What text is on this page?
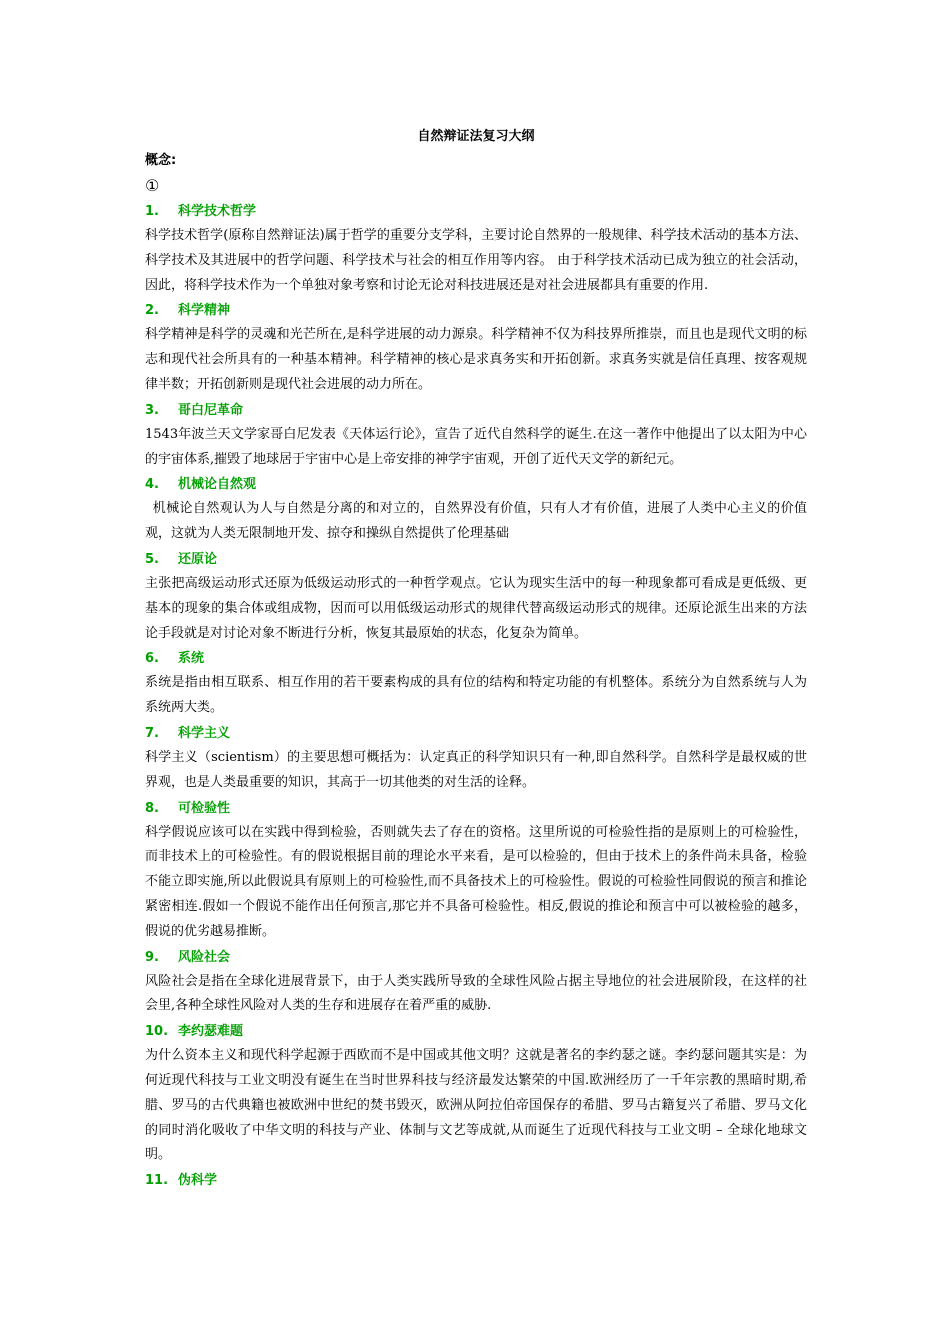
自然辩证法复习大纲
概念:
①
1. 科学技术哲学
科学技术哲学(原称自然辩证法)属于哲学的重要分支学科，主要讨论自然界的一般规律、科学技术活动的基本方法、科学技术及其进展中的哲学问题、科学技术与社会的相互作用等内容。 由于科学技术活动已成为独立的社会活动，因此，将科学技术作为一个单独对象考察和讨论无论对科技进展还是对社会进展都具有重要的作用.
2. 科学精神
科学精神是科学的灵魂和光芒所在,是科学进展的动力源泉。科学精神不仅为科技界所推崇，而且也是现代文明的标志和现代社会所具有的一种基本精神。科学精神的核心是求真务实和开拓创新。求真务实就是信任真理、按客观规律半数；开拓创新则是现代社会进展的动力所在。
3. 哥白尼革命
1543年波兰天文学家哥白尼发表《天体运行论》，宣告了近代自然科学的诞生.在这一著作中他提出了以太阳为中心的宇宙体系,摧毁了地球居于宇宙中心是上帝安排的神学宇宙观，开创了近代天文学的新纪元。
4. 机械论自然观
机械论自然观认为人与自然是分离的和对立的，自然界没有价值，只有人才有价值，进展了人类中心主义的价值观，这就为人类无限制地开发、掠夺和操纵自然提供了伦理基础
5. 还原论
主张把高级运动形式还原为低级运动形式的一种哲学观点。它认为现实生活中的每一种现象都可看成是更低级、更基本的现象的集合体或组成物，因而可以用低级运动形式的规律代替高级运动形式的规律。还原论派生出来的方法论手段就是对讨论对象不断进行分析，恢复其最原始的状态，化复杂为简单。
6. 系统
系统是指由相互联系、相互作用的若干要素构成的具有位的结构和特定功能的有机整体。系统分为自然系统与人为系统两大类。
7. 科学主义
科学主义（scientism）的主要思想可概括为：认定真正的科学知识只有一种,即自然科学。自然科学是最权威的世界观，也是人类最重要的知识，其高于一切其他类的对生活的诠释。
8. 可检验性
科学假说应该可以在实践中得到检验，否则就失去了存在的资格。这里所说的可检验性指的是原则上的可检验性，而非技术上的可检验性。有的假说根据目前的理论水平来看，是可以检验的，但由于技术上的条件尚未具备，检验不能立即实施,所以此假说具有原则上的可检验性,而不具备技术上的可检验性。假说的可检验性同假说的预言和推论紧密相连.假如一个假说不能作出任何预言,那它并不具备可检验性。相反,假说的推论和预言中可以被检验的越多，假说的优劣越易推断。
9. 风险社会
风险社会是指在全球化进展背景下，由于人类实践所导致的全球性风险占据主导地位的社会进展阶段，在这样的社会里,各种全球性风险对人类的生存和进展存在着严重的威胁.
10. 李约瑟难题
为什么资本主义和现代科学起源于西欧而不是中国或其他文明？这就是著名的李约瑟之谜。李约瑟问题其实是：为何近现代科技与工业文明没有诞生在当时世界科技与经济最发达繁荣的中国.欧洲经历了一千年宗教的黑暗时期,希腊、罗马的古代典籍也被欧洲中世纪的焚书毁灭，欧洲从阿拉伯帝国保存的希腊、罗马古籍复兴了希腊、罗马文化的同时消化吸收了中华文明的科技与产业、体制与文艺等成就,从而诞生了近现代科技与工业文明 – 全球化地球文明。
11. 伪科学
